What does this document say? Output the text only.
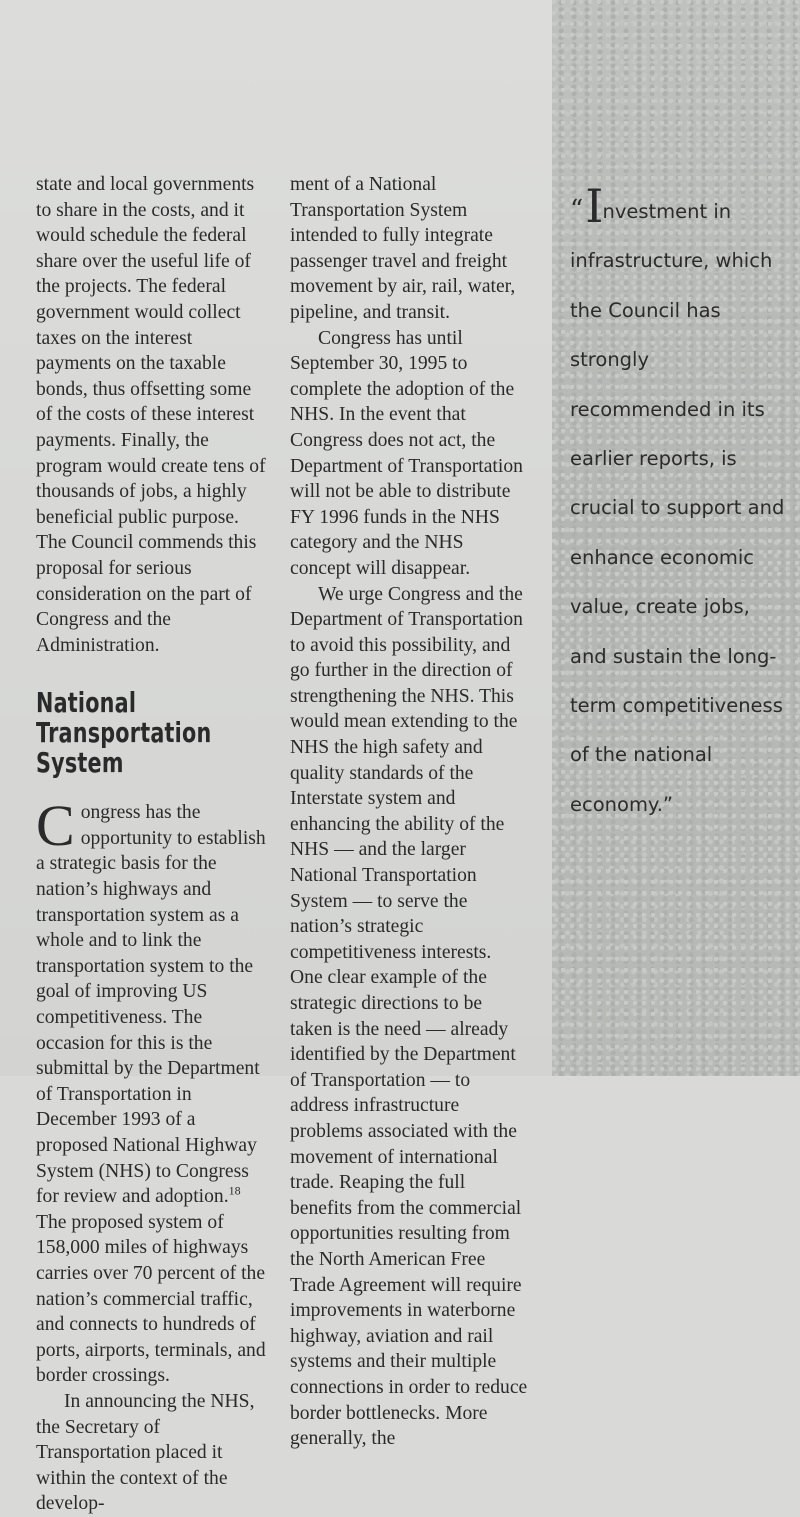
state and local governments to share in the costs, and it would schedule the federal share over the useful life of the projects. The federal government would collect taxes on the interest payments on the taxable bonds, thus offsetting some of the costs of these interest payments. Finally, the program would create tens of thousands of jobs, a highly beneficial public purpose. The Council commends this proposal for serious consideration on the part of Congress and the Administration.

National Transportation System

Congress has the opportunity to establish a strategic basis for the nation’s highways and transportation system as a whole and to link the transportation system to the goal of improving US competitiveness. The occasion for this is the submittal by the Department of Transportation in December 1993 of a proposed National Highway System (NHS) to Congress for review and adoption.$^{18}$ The proposed system of 158,000 miles of highways carries over 70 percent of the nation’s commercial traffic, and connects to hundreds of ports, airports, terminals, and border crossings.

In announcing the NHS, the Secretary of Transportation placed it within the context of the develop-

ment of a National Transportation System intended to fully integrate passenger travel and freight movement by air, rail, water, pipeline, and transit.

Congress has until September 30, 1995 to complete the adoption of the NHS. In the event that Congress does not act, the Department of Transportation will not be able to distribute FY 1996 funds in the NHS category and the NHS concept will disappear.

We urge Congress and the Department of Transportation to avoid this possibility, and go further in the direction of strengthening the NHS. This would mean extending to the NHS the high safety and quality standards of the Interstate system and enhancing the ability of the NHS — and the larger National Transportation System — to serve the nation’s strategic competitiveness interests. One clear example of the strategic directions to be taken is the need — already identified by the Department of Transportation — to address infrastructure problems associated with the movement of international trade. Reaping the full benefits from the commercial opportunities resulting from the North American Free Trade Agreement will require improvements in waterborne highway, aviation and rail systems and their multiple connections in order to reduce border bottlenecks. More generally, the

“Investment in infrastructure, which the Council has strongly recommended in its earlier reports, is crucial to support and enhance economic value, create jobs, and sustain the long-term competitiveness of the national economy.”
